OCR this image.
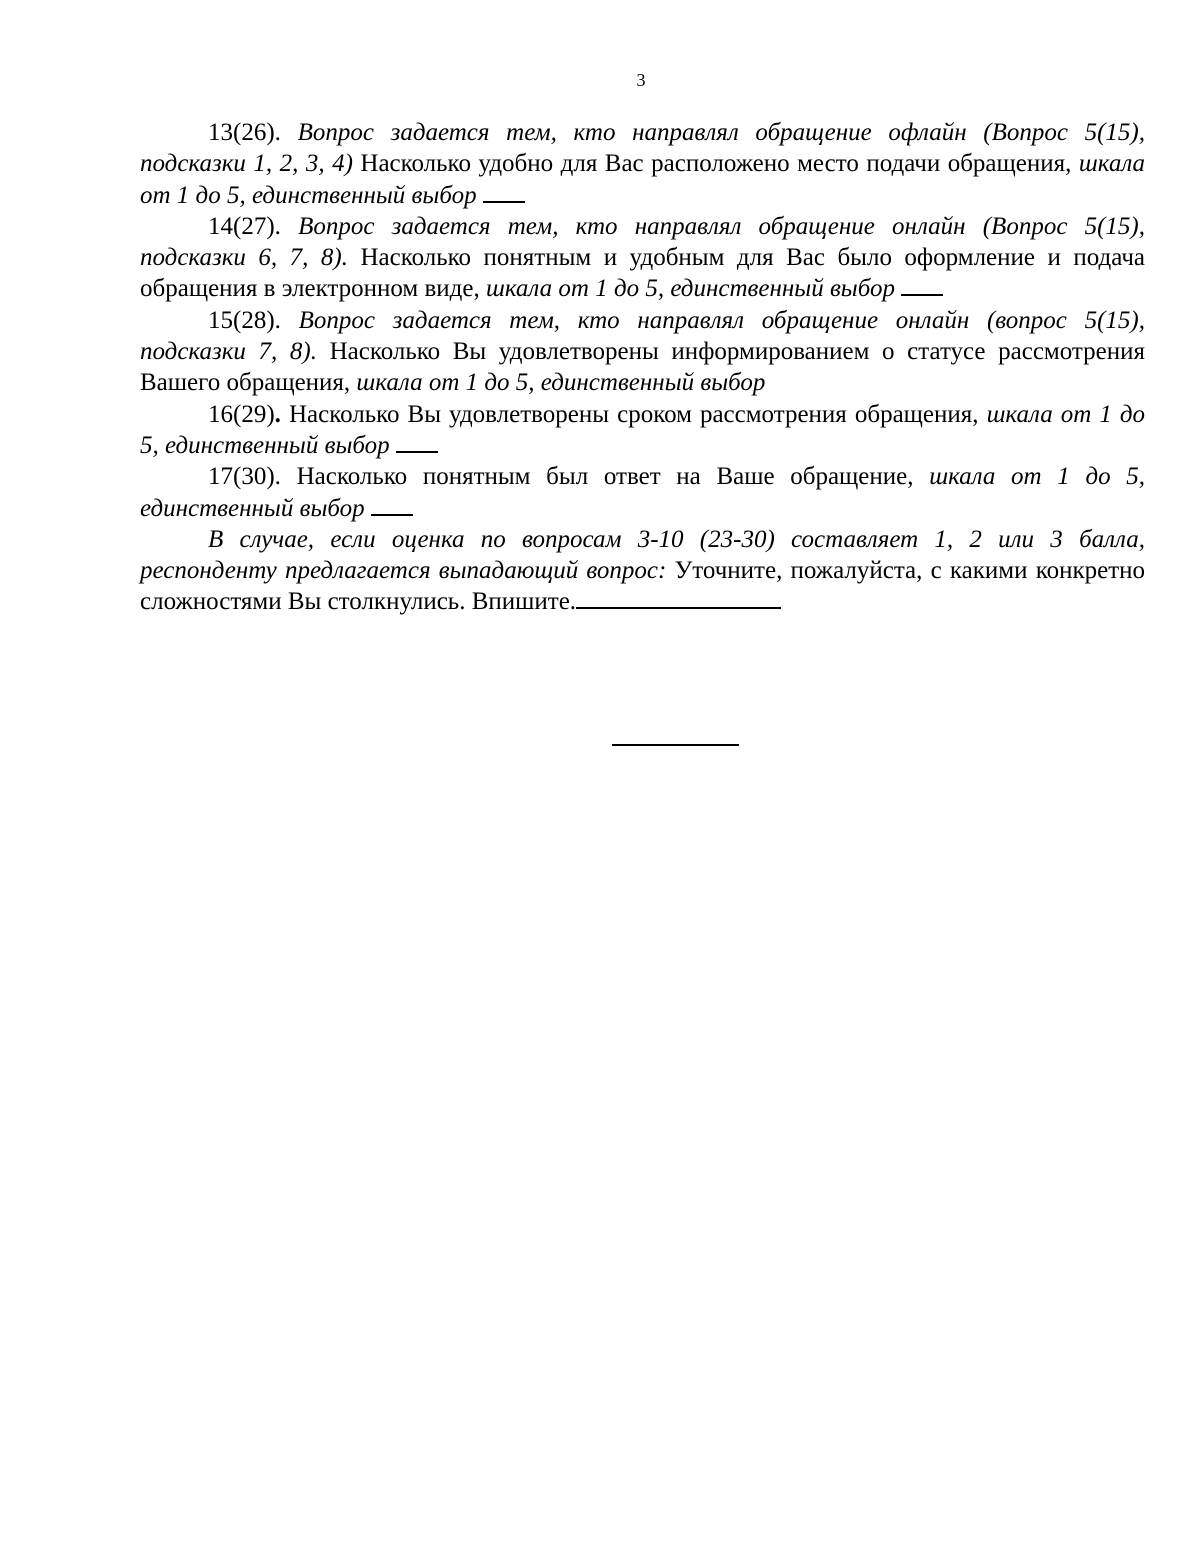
3

13(26). Вопрос задается тем, кто направлял обращение офлайн (Вопрос 5(15), подсказки 1, 2, 3, 4) Насколько удобно для Вас расположено место подачи обращения, шкала от 1 до 5, единственный выбор

14(27). Вопрос задается тем, кто направлял обращение онлайн (Вопрос 5(15), подсказки 6, 7, 8). Насколько понятным и удобным для Вас было оформление и подача обращения в электронном виде, шкала от 1 до 5, единственный выбор

15(28). Вопрос задается тем, кто направлял обращение онлайн (вопрос 5(15), подсказки 7, 8). Насколько Вы удовлетворены информированием о статусе рассмотрения Вашего обращения, шкала от 1 до 5, единственный выбор

16(29). Насколько Вы удовлетворены сроком рассмотрения обращения, шкала от 1 до 5, единственный выбор

17(30). Насколько понятным был ответ на Ваше обращение, шкала от 1 до 5, единственный выбор

В случае, если оценка по вопросам 3-10 (23-30) составляет 1, 2 или 3 балла, респонденту предлагается выпадающий вопрос: Уточните, пожалуйста, с какими конкретно сложностями Вы столкнулись. Впишите.
